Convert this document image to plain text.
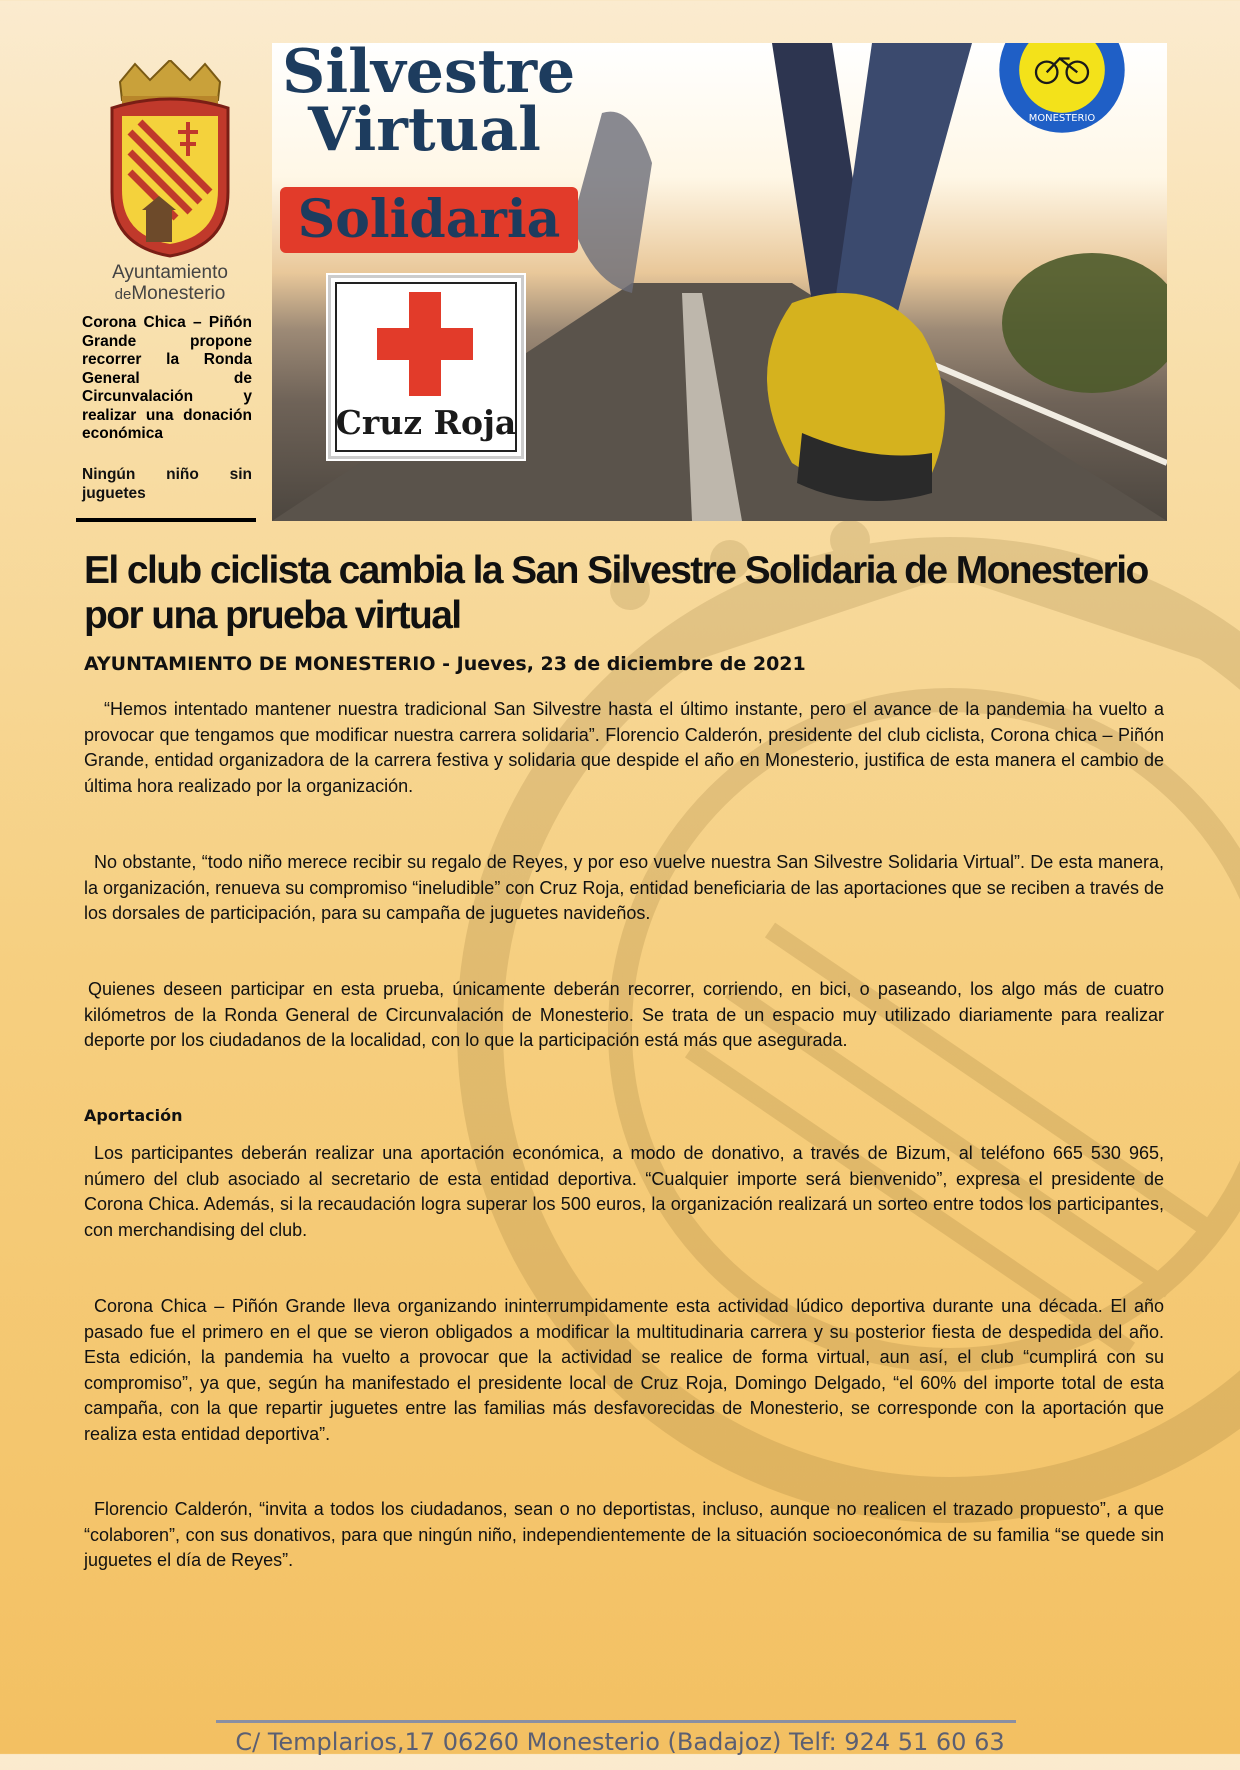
Ayuntamiento
deMonesterio
Corona Chica – Piñón Grande propone recorrer la Ronda General de Circunvalación y realizar una donación económica
Ningún niño sin juguetes
Silvestre
Virtual
Solidaria
Cruz Roja
MONESTERIO
El club ciclista cambia la San Silvestre Solidaria de Monesterio por una prueba virtual
AYUNTAMIENTO DE MONESTERIO - Jueves, 23 de diciembre de 2021

“Hemos intentado mantener nuestra tradicional San Silvestre hasta el último instante, pero el avance de la pandemia ha vuelto a provocar que tengamos que modificar nuestra carrera solidaria”. Florencio Calderón, presidente del club ciclista, Corona chica – Piñón Grande, entidad organizadora de la carrera festiva y solidaria que despide el año en Monesterio, justifica de esta manera el cambio de última hora realizado por la organización.

No obstante, “todo niño merece recibir su regalo de Reyes, y por eso vuelve nuestra San Silvestre Solidaria Virtual”. De esta manera, la organización, renueva su compromiso “ineludible” con Cruz Roja, entidad beneficiaria de las aportaciones que se reciben a través de los dorsales de participación, para su campaña de juguetes navideños.

Quienes deseen participar en esta prueba, únicamente deberán recorrer, corriendo, en bici, o paseando, los algo más de cuatro kilómetros de la Ronda General de Circunvalación de Monesterio. Se trata de un espacio muy utilizado diariamente para realizar deporte por los ciudadanos de la localidad, con lo que la participación está más que asegurada.

Aportación

Los participantes deberán realizar una aportación económica, a modo de donativo, a través de Bizum, al teléfono 665 530 965, número del club asociado al secretario de esta entidad deportiva. “Cualquier importe será bienvenido”, expresa el presidente de Corona Chica. Además, si la recaudación logra superar los 500 euros, la organización realizará un sorteo entre todos los participantes, con merchandising del club.

Corona Chica – Piñón Grande lleva organizando ininterrumpidamente esta actividad lúdico deportiva durante una década. El año pasado fue el primero en el que se vieron obligados a modificar la multitudinaria carrera y su posterior fiesta de despedida del año. Esta edición, la pandemia ha vuelto a provocar que la actividad se realice de forma virtual, aun así, el club “cumplirá con su compromiso”, ya que, según ha manifestado el presidente local de Cruz Roja, Domingo Delgado, “el 60% del importe total de esta campaña, con la que repartir juguetes entre las familias más desfavorecidas de Monesterio, se corresponde con la aportación que realiza esta entidad deportiva”.

Florencio Calderón, “invita a todos los ciudadanos, sean o no deportistas, incluso, aunque no realicen el trazado propuesto”, a que “colaboren”, con sus donativos, para que ningún niño, independientemente de la situación socioeconómica de su familia “se quede sin juguetes el día de Reyes”.

C/ Templarios,17 06260 Monesterio (Badajoz) Telf: 924 51 60 63
